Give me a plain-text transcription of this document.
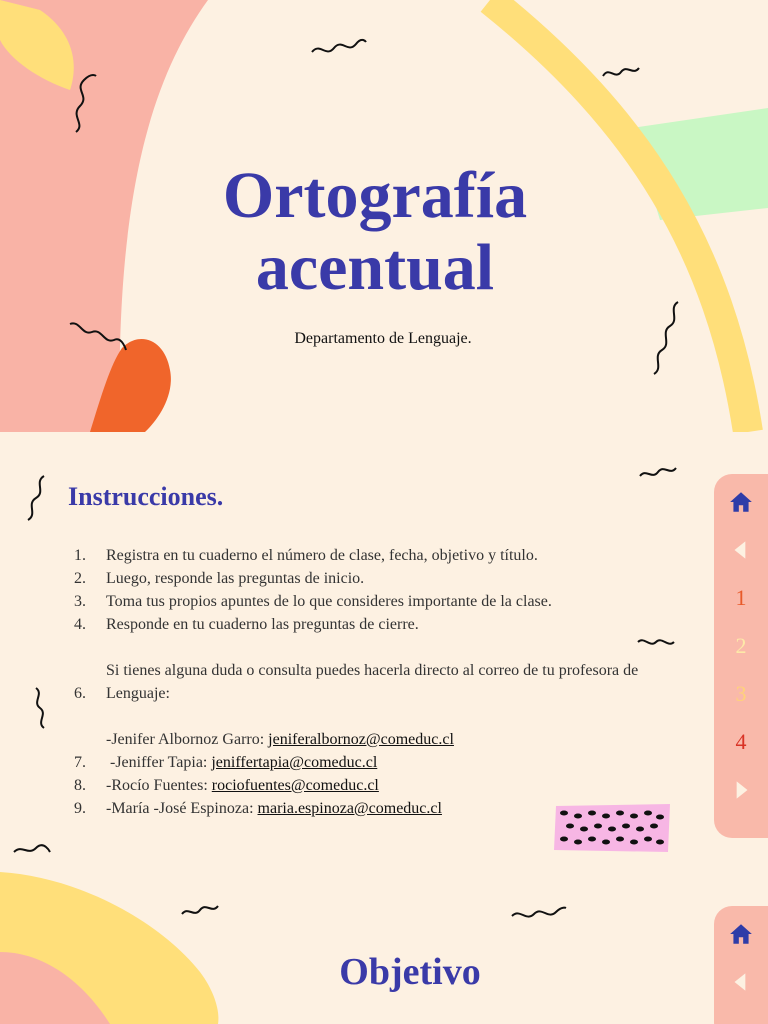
Ortografía
acentual
Departamento de Lenguaje.
Instrucciones.
1.	Registra en tu cuaderno el número de clase, fecha, objetivo y título.
2.	Luego, responde las preguntas de inicio.
3.	Toma tus propios apuntes de lo que consideres importante de la clase.
4.	Responde en tu cuaderno las preguntas de cierre.
6.
Si tienes alguna duda o consulta puedes hacerla directo al correo de tu profesora de Lenguaje:
-Jenifer Albornoz Garro: jeniferalbornoz@comeduc.cl
7.	-Jeniffer Tapia: jeniffertapia@comeduc.cl
8.	-Rocío Fuentes: rociofuentes@comeduc.cl
9.	-María -José Espinoza: maria.espinoza@comeduc.cl
Objetivo
1
2
3
4
